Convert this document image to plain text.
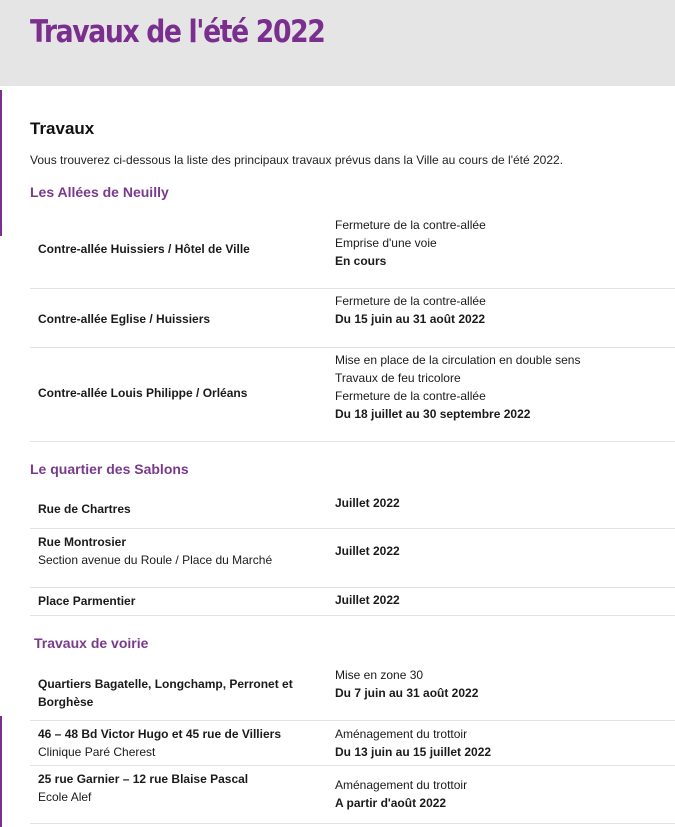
Travaux de l'été 2022
Travaux
Vous trouverez ci-dessous la liste des principaux travaux prévus dans la Ville au cours de l'été 2022.
Les Allées de Neuilly
Contre-allée Huissiers / Hôtel de Ville
Fermeture de la contre-allée
Emprise d'une voie
En cours
Contre-allée Eglise / Huissiers
Fermeture de la contre-allée
Du 15 juin au 31 août 2022
Contre-allée Louis Philippe / Orléans
Mise en place de la circulation en double sens
Travaux de feu tricolore
Fermeture de la contre-allée
Du 18 juillet au 30 septembre 2022
Le quartier des Sablons
Rue de Chartres	Juillet 2022
Rue Montrosier
Section avenue du Roule / Place du Marché
Juillet 2022
Place Parmentier	Juillet 2022
Travaux de voirie
Quartiers Bagatelle, Longchamp, Perronet et Borghèse
Mise en zone 30
Du 7 juin au 31 août 2022
46 – 48 Bd Victor Hugo et 45 rue de Villiers
Clinique Paré Cherest
Aménagement du trottoir
Du 13 juin au 15 juillet 2022
25 rue Garnier – 12 rue Blaise Pascal
Ecole Alef
Aménagement du trottoir
A partir d'août 2022
